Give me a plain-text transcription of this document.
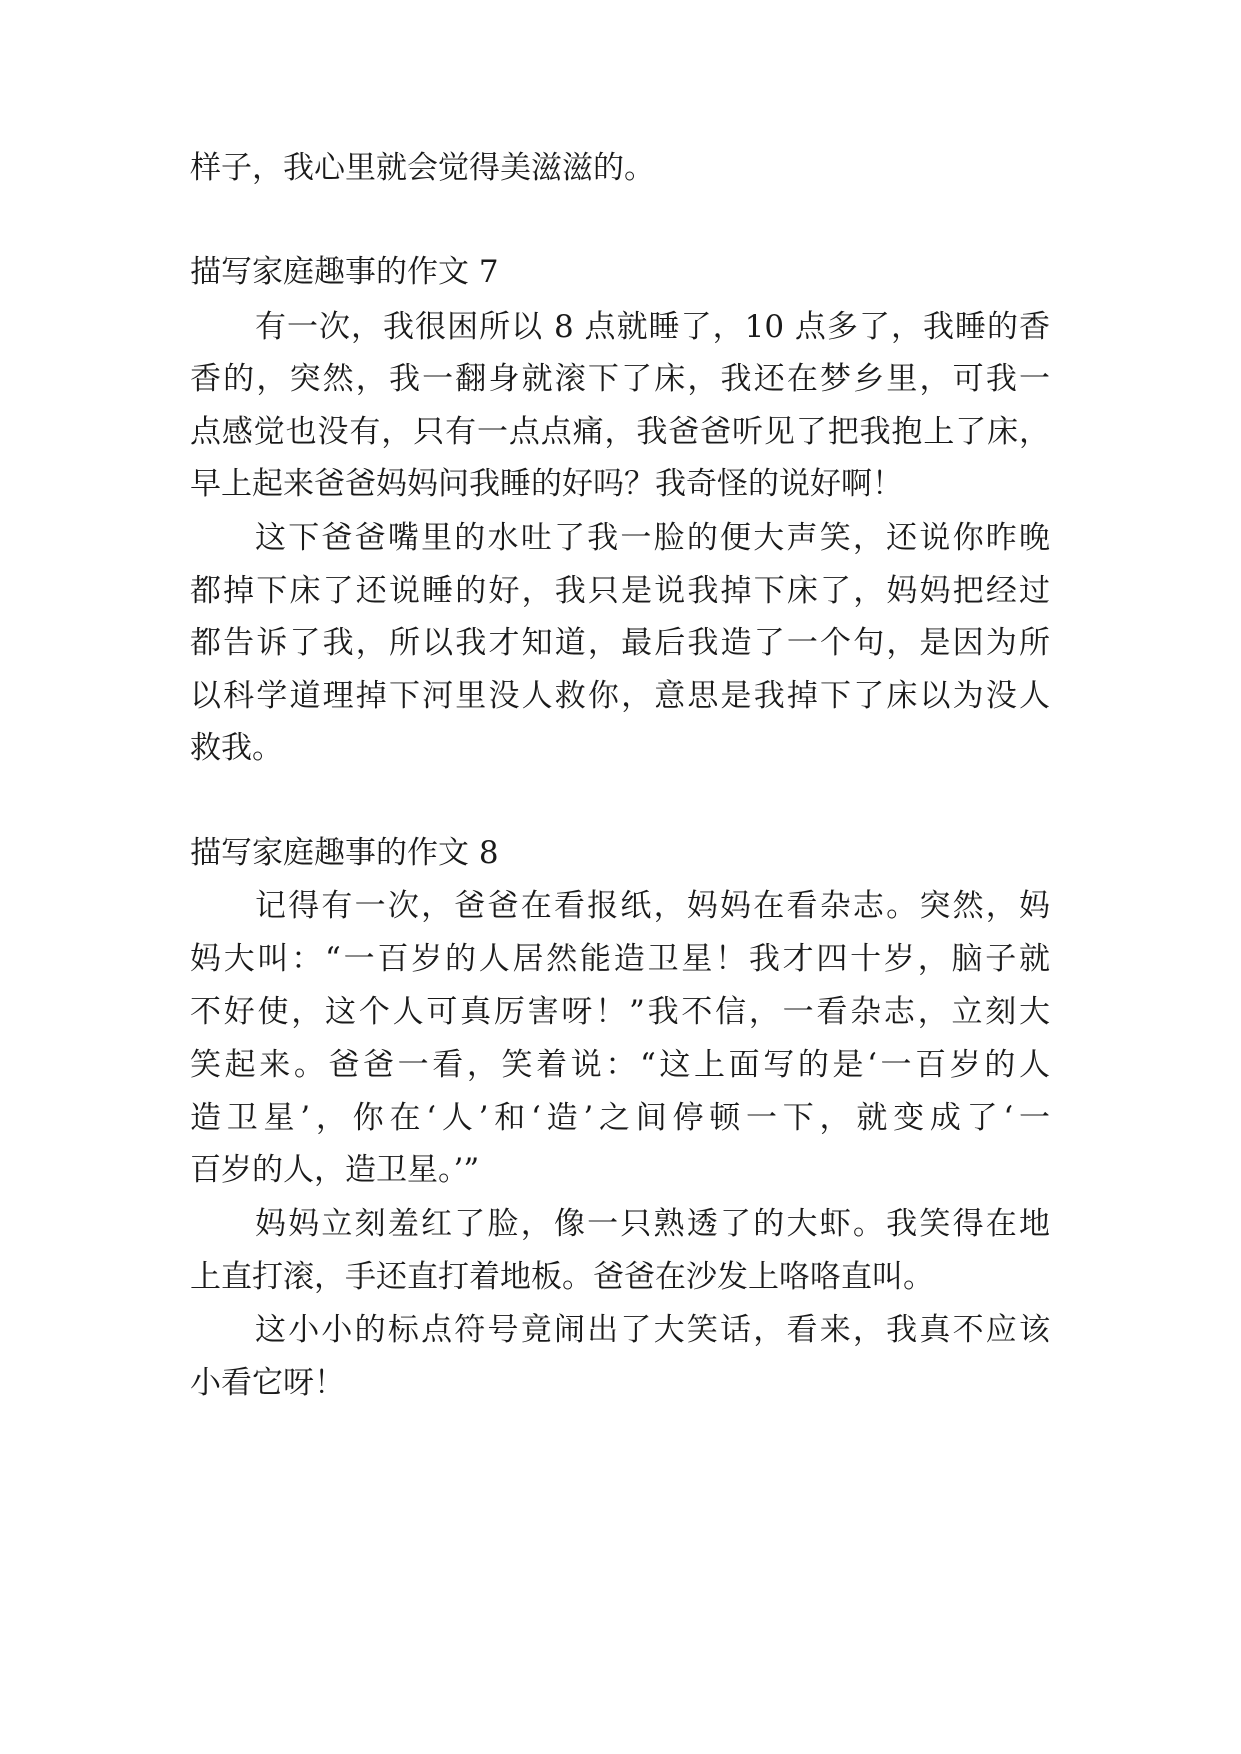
样子，我心里就会觉得美滋滋的。
描写家庭趣事的作文 7
有一次，我很困所以 8 点就睡了，10 点多了，我睡的香
香的，突然，我一翻身就滚下了床，我还在梦乡里，可我一
点感觉也没有，只有一点点痛，我爸爸听见了把我抱上了床，
早上起来爸爸妈妈问我睡的好吗？我奇怪的说好啊！
这下爸爸嘴里的水吐了我一脸的便大声笑，还说你昨晚
都掉下床了还说睡的好，我只是说我掉下床了，妈妈把经过
都告诉了我，所以我才知道，最后我造了一个句，是因为所
以科学道理掉下河里没人救你，意思是我掉下了床以为没人
救我。
描写家庭趣事的作文 8
记得有一次，爸爸在看报纸，妈妈在看杂志。突然，妈
妈大叫：“一百岁的人居然能造卫星！我才四十岁，脑子就
不好使，这个人可真厉害呀！”我不信，一看杂志，立刻大
笑起来。爸爸一看，笑着说：“这上面写的是‘一百岁的人
造卫星’，你在‘人’和‘造’之间停顿一下，就变成了‘一
百岁的人，造卫星。’”
妈妈立刻羞红了脸，像一只熟透了的大虾。我笑得在地
上直打滚，手还直打着地板。爸爸在沙发上咯咯直叫。
这小小的标点符号竟闹出了大笑话，看来，我真不应该
小看它呀！
